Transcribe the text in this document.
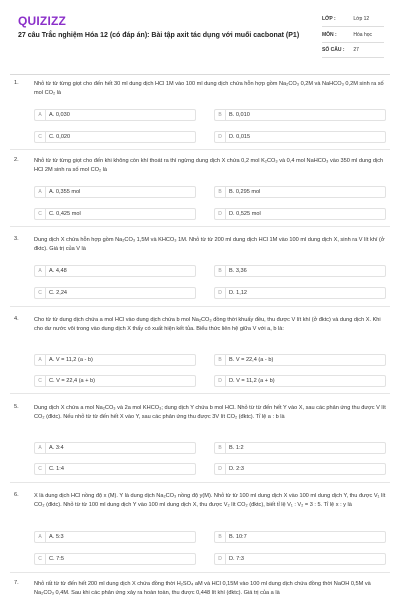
QUIZIZZ
27 câu Trắc nghiệm Hóa 12 (có đáp án): Bài tập axit tác dụng với muối cacbonat (P1)
LỚP :	Lớp 12
MÔN :	Hóa học
SỐ CÂU : 27
1.	Nhỏ từ từ từng giọt cho đến hết 30 ml dung dịch HCl 1M vào 100 ml dung dịch chứa hỗn hợp gồm Na₂CO₃ 0,2M và NaHCO₃ 0,2M sinh ra số mol CO₂ là
A	A. 0,030	B	B. 0,010
C	C. 0,020	D	D. 0,015
2.	Nhỏ từ từ từng giọt cho đến khi không còn khí thoát ra thì ngừng dung dịch X chứa 0,2 mol K₂CO₃ và 0,4 mol NaHCO₃ vào 350 ml dung dịch HCl 2M sinh ra số mol CO₂ là
A	A. 0,355 mol	B	B. 0,295 mol
C	C. 0,425 mol	D	D. 0,525 mol
3.	Dung dịch X chứa hỗn hợp gồm Na₂CO₃ 1,5M và KHCO₃ 1M. Nhỏ từ từ 200 ml dung dịch HCl 1M vào 100 ml dung dịch X, sinh ra V lít khí (ở đktc). Giá trị của V là
A	A. 4,48	B	B. 3,36
C	C. 2,24	D	D. 1,12
4.	Cho từ từ dung dịch chứa a mol HCl vào dung dịch chứa b mol Na₂CO₃ đồng thời khuấy đều, thu được V lít khí (ở đktc) và dung dịch X. Khi cho dư nước vôi trong vào dung dịch X thấy có xuất hiện kết tủa. Biểu thức liên hệ giữa V với a, b là:
A	A. V = 11,2 (a - b)	B	B. V = 22,4 (a - b)
C	C. V = 22,4 (a + b)	D	D. V = 11,2 (a + b)
5.	Dung dịch X chứa a mol Na₂CO₃ và 2a mol KHCO₃; dung dịch Y chứa b mol HCl. Nhỏ từ từ đến hết Y vào X, sau các phản ứng thu được V lít CO₂ (đktc). Nếu nhỏ từ từ đến hết X vào Y, sau các phản ứng thu được 3V lít CO₂ (đktc). Tỉ lệ a : b là
A	A. 3:4	B	B. 1:2
C	C. 1:4	D	D. 2:3
6.	X là dung dịch HCl nồng độ x (M). Y là dung dịch Na₂CO₃ nồng độ y(M). Nhỏ từ từ 100 ml dung dịch X vào 100 ml dung dịch Y, thu được V₁ lít CO₂ (đktc). Nhỏ từ từ 100 ml dung dịch Y vào 100 ml dung dịch X, thu được V₂ lít CO₂ (đktc), biết tỉ lệ V₁ : V₂ = 3 : 5. Tỉ lệ x : y là
A	A. 5:3	B	B. 10:7
C	C. 7:5	D	D. 7:3
7.	Nhỏ rất từ từ đến hết 200 ml dung dịch X chứa đồng thời H₂SO₄ aM và HCl 0,15M vào 100 ml dung dịch chứa đồng thời NaOH 0,5M và Na₂CO₃ 0,4M. Sau khi các phản ứng xảy ra hoàn toàn, thu được 0,448 lít khí (đktc). Giá trị của a là
